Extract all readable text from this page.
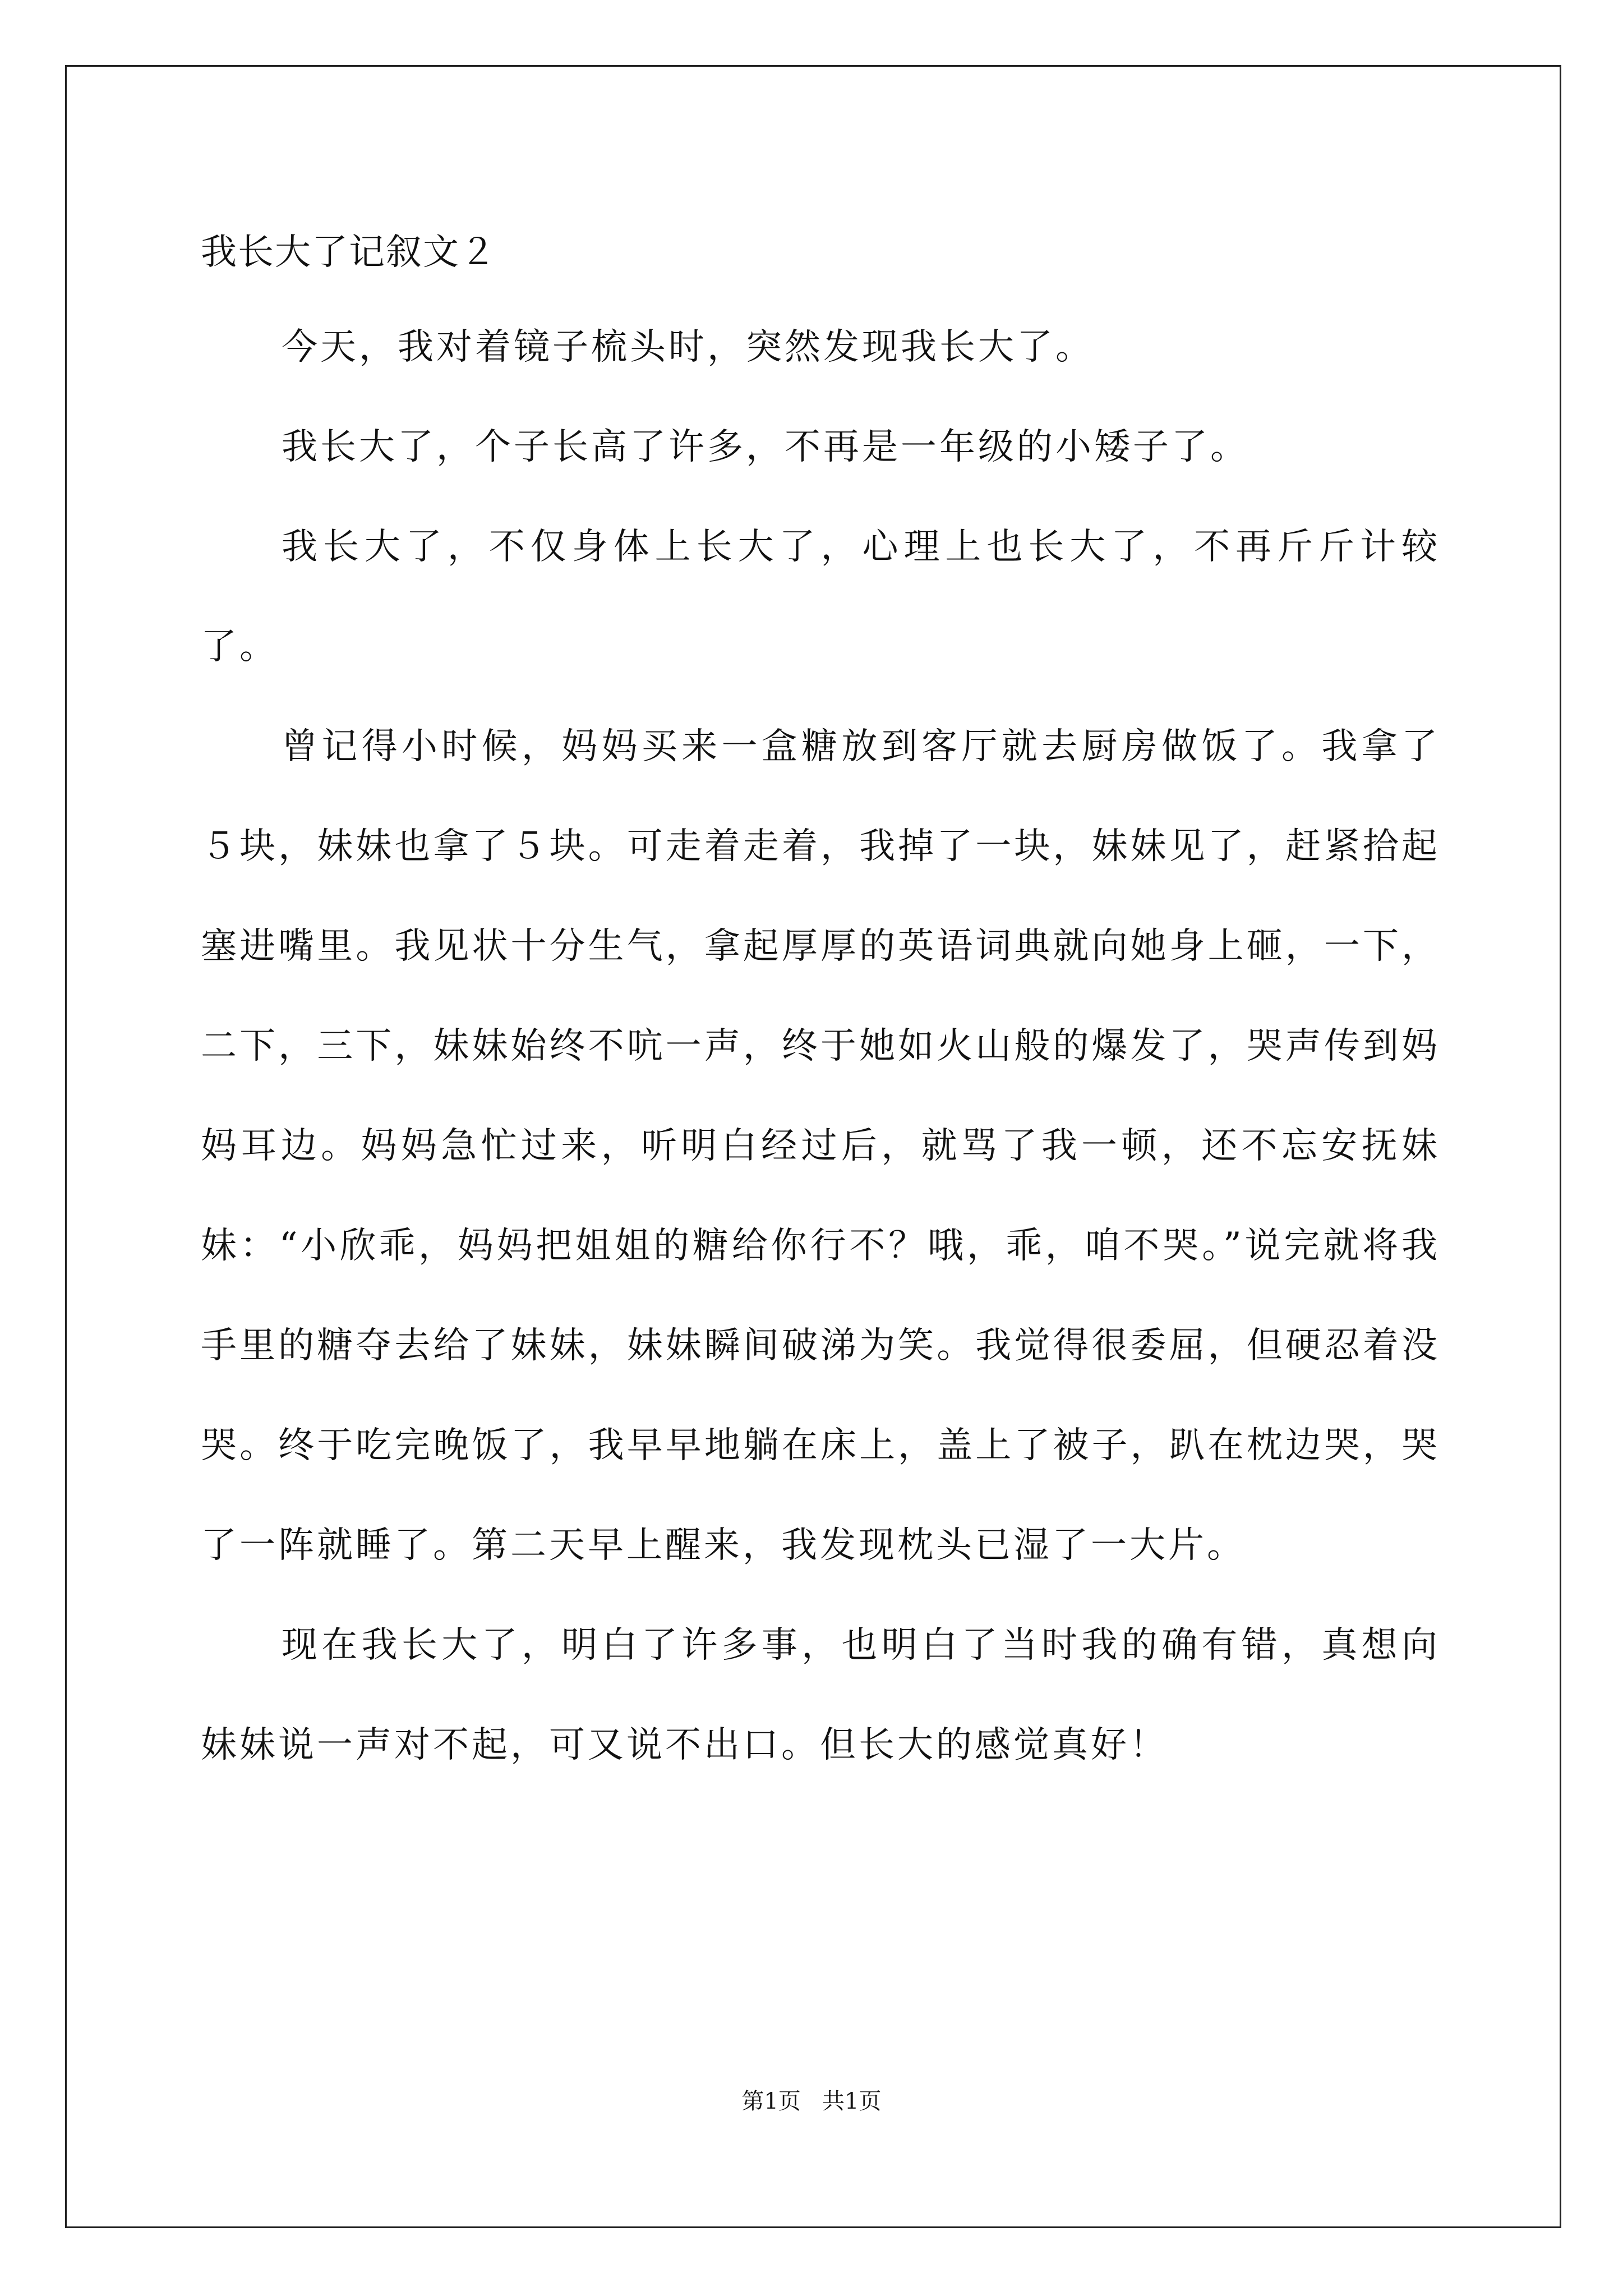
我长大了记叙文２

今天，我对着镜子梳头时，突然发现我长大了。

我长大了，个子长高了许多，不再是一年级的小矮子了。

我长大了，不仅身体上长大了，心理上也长大了，不再斤斤计较了。

曾记得小时候，妈妈买来一盒糖放到客厅就去厨房做饭了。我拿了５块，妹妹也拿了５块。可走着走着，我掉了一块，妹妹见了，赶紧拾起塞进嘴里。我见状十分生气，拿起厚厚的英语词典就向她身上砸，一下，二下，三下，妹妹始终不吭一声，终于她如火山般的爆发了，哭声传到妈妈耳边。妈妈急忙过来，听明白经过后，就骂了我一顿，还不忘安抚妹妹：“小欣乖，妈妈把姐姐的糖给你行不？哦，乖，咱不哭。”说完就将我手里的糖夺去给了妹妹，妹妹瞬间破涕为笑。我觉得很委屈，但硬忍着没哭。终于吃完晚饭了，我早早地躺在床上，盖上了被子，趴在枕边哭，哭了一阵就睡了。第二天早上醒来，我发现枕头已湿了一大片。

现在我长大了，明白了许多事，也明白了当时我的确有错，真想向妹妹说一声对不起，可又说不出口。但长大的感觉真好！

第1页   共1页
